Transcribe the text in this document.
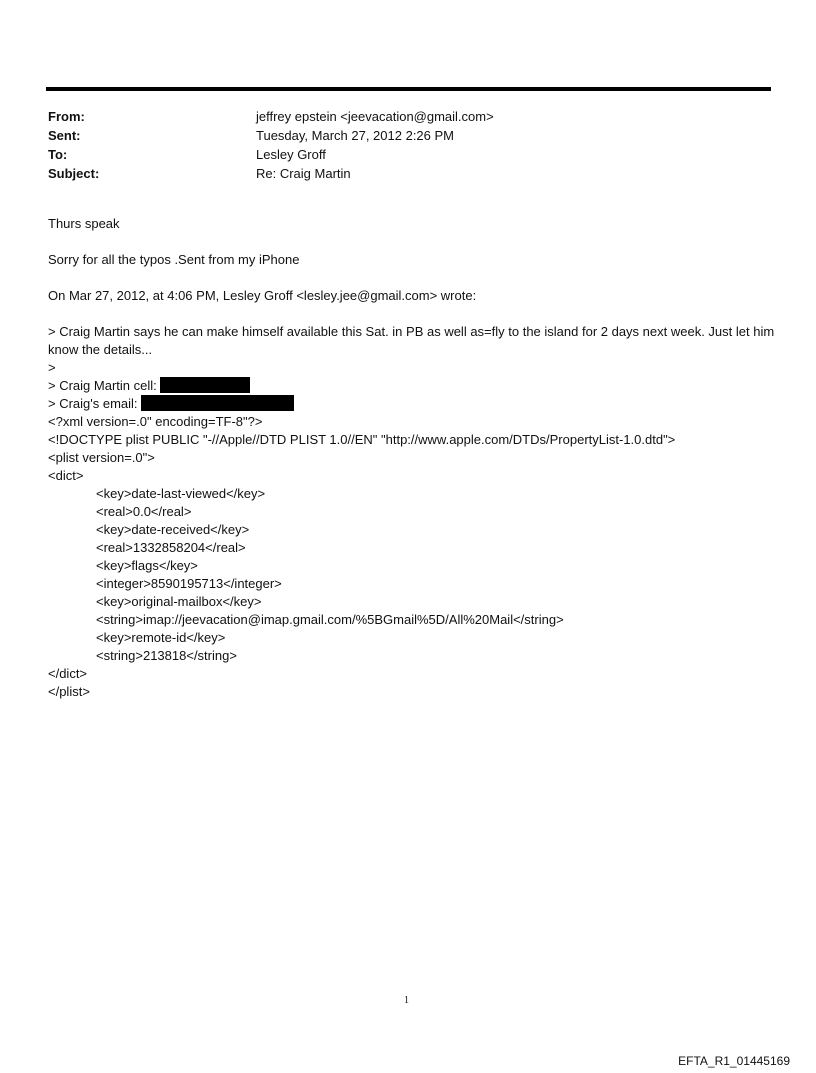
From:	jeffrey epstein <jeevacation@gmail.com>
Sent:	Tuesday, March 27, 2012 2:26 PM
To:	Lesley Groff
Subject:	Re: Craig Martin
Thurs speak
Sorry for all the typos .Sent from my iPhone
On Mar 27, 2012, at 4:06 PM, Lesley Groff <lesley.jee@gmail.com> wrote:
> Craig Martin says he can make himself available this Sat. in PB as well as=fly to the island for 2 days next week. Just let him know the details...
>
> Craig Martin cell:
> Craig's email:
<?xml version=.0" encoding=TF-8"?>
<!DOCTYPE plist PUBLIC "-//Apple//DTD PLIST 1.0//EN" "http://www.apple.com/DTDs/PropertyList-1.0.dtd">
<plist version=.0">
<dict>
<key>date-last-viewed</key>
<real>0.0</real>
<key>date-received</key>
<real>1332858204</real>
<key>flags</key>
<integer>8590195713</integer>
<key>original-mailbox</key>
<string>imap://jeevacation@imap.gmail.com/%5BGmail%5D/All%20Mail</string>
<key>remote-id</key>
<string>213818</string>
</dict>
</plist>
1
EFTA_R1_01445169
